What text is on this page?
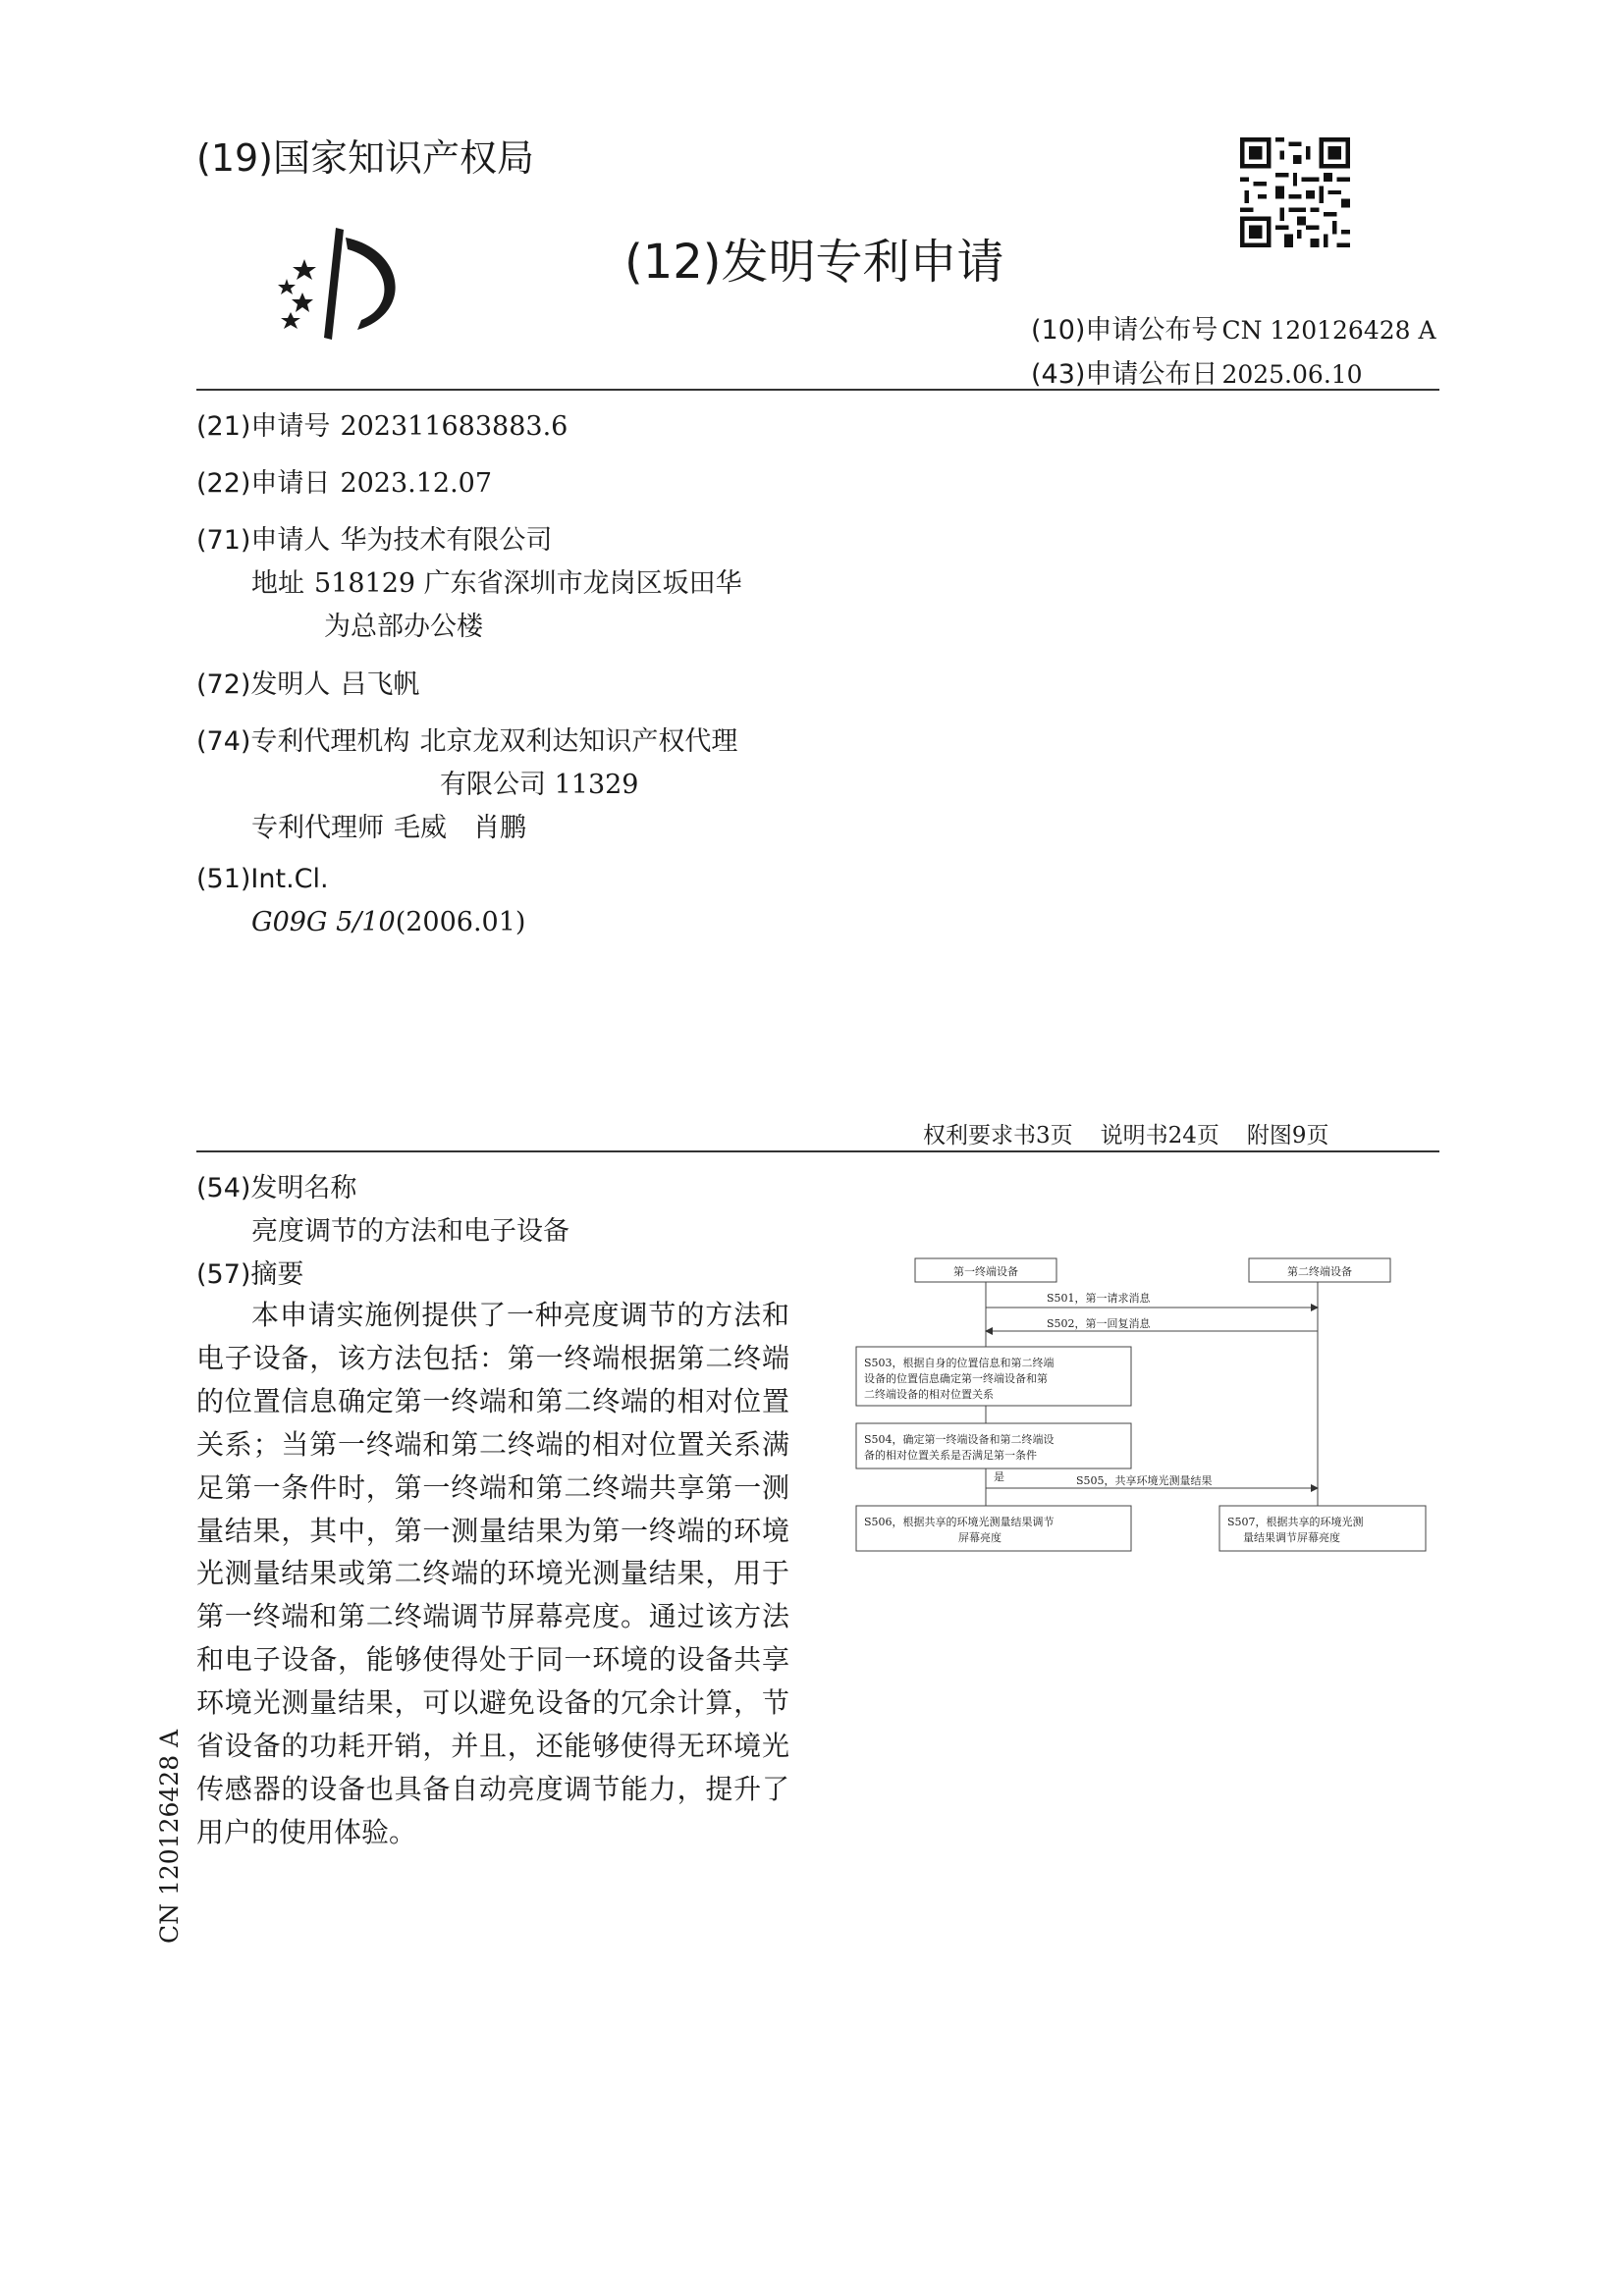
(19)国家知识产权局
(12)发明专利申请
(10)申请公布号 CN 120126428 A
(43)申请公布日 2025.06.10
(21)申请号 202311683883.6
(22)申请日 2023.12.07
(71)申请人 华为技术有限公司
地址 518129 广东省深圳市龙岗区坂田华
为总部办公楼
(72)发明人 吕飞帆
(74)专利代理机构 北京龙双利达知识产权代理
有限公司 11329
专利代理师 毛威　肖鹏
(51)Int.Cl.
G09G 5/10(2006.01)
权利要求书3页 说明书24页 附图9页
(54)发明名称
亮度调节的方法和电子设备
(57)摘要
本申请实施例提供了一种亮度调节的方法和电子设备，该方法包括：第一终端根据第二终端的位置信息确定第一终端和第二终端的相对位置关系；当第一终端和第二终端的相对位置关系满足第一条件时，第一终端和第二终端共享第一测量结果，其中，第一测量结果为第一终端的环境光测量结果或第二终端的环境光测量结果，用于第一终端和第二终端调节屏幕亮度。通过该方法和电子设备，能够使得处于同一环境的设备共享环境光测量结果，可以避免设备的冗余计算，节省设备的功耗开销，并且，还能够使得无环境光传感器的设备也具备自动亮度调节能力，提升了用户的使用体验。
第一终端设备	第二终端设备
S501，第一请求消息
S502，第一回复消息
S503，根据自身的位置信息和第二终端
设备的位置信息确定第一终端设备和第
二终端设备的相对位置关系
S504，确定第一终端设备和第二终端设
备的相对位置关系是否满足第一条件
是	S505，共享环境光测量结果
S506，根据共享的环境光测量结果调节
屏幕亮度
S507，根据共享的环境光测
量结果调节屏幕亮度
CN 120126428 A
